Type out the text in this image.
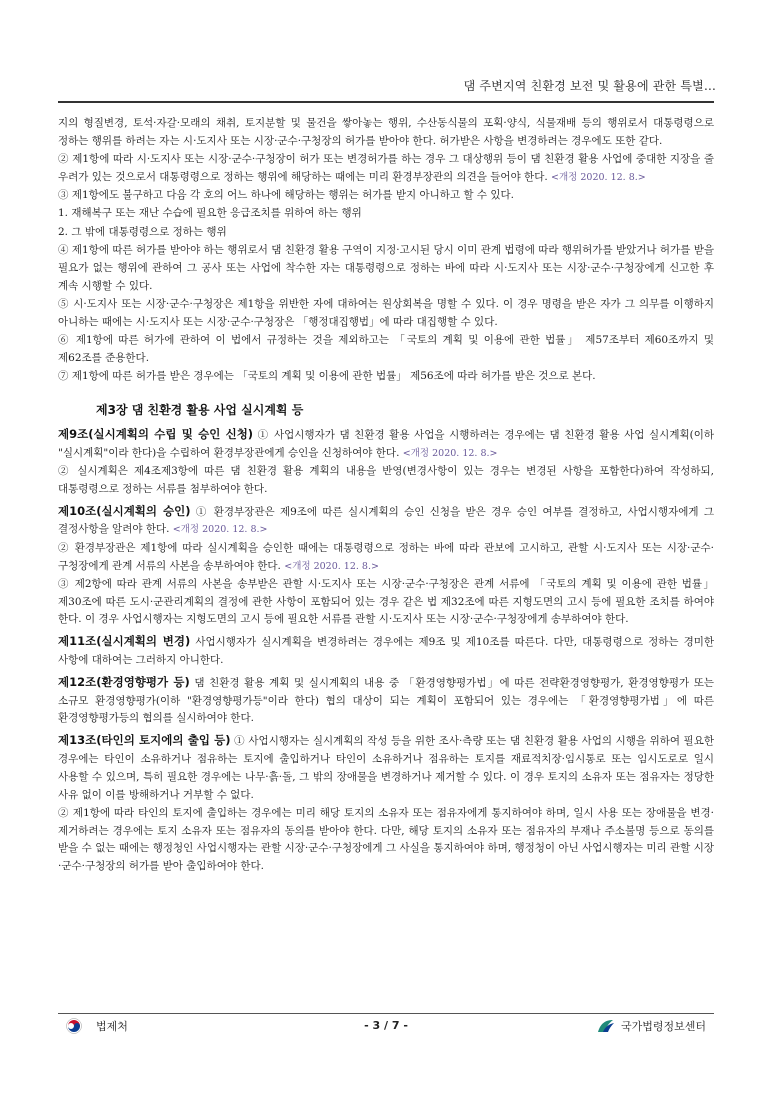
댐 주변지역 친환경 보전 및 활용에 관한 특별...

지의 형질변경, 토석·자갈·모래의 채취, 토지분할 및 물건을 쌓아놓는 행위, 수산동식물의 포획·양식, 식물재배 등의 행위로서 대통령령으로 정하는 행위를 하려는 자는 시·도지사 또는 시장·군수·구청장의 허가를 받아야 한다. 허가받은 사항을 변경하려는 경우에도 또한 같다.

② 제1항에 따라 시·도지사 또는 시장·군수·구청장이 허가 또는 변경허가를 하는 경우 그 대상행위 등이 댐 친환경 활용 사업에 중대한 지장을 줄 우려가 있는 것으로서 대통령령으로 정하는 행위에 해당하는 때에는 미리 환경부장관의 의견을 들어야 한다. <개정 2020. 12. 8.>

③ 제1항에도 불구하고 다음 각 호의 어느 하나에 해당하는 행위는 허가를 받지 아니하고 할 수 있다.

1. 재해복구 또는 재난 수습에 필요한 응급조치를 위하여 하는 행위

2. 그 밖에 대통령령으로 정하는 행위

④ 제1항에 따른 허가를 받아야 하는 행위로서 댐 친환경 활용 구역이 지정·고시된 당시 이미 관계 법령에 따라 행위허가를 받았거나 허가를 받을 필요가 없는 행위에 관하여 그 공사 또는 사업에 착수한 자는 대통령령으로 정하는 바에 따라 시·도지사 또는 시장·군수·구청장에게 신고한 후 계속 시행할 수 있다.

⑤ 시·도지사 또는 시장·군수·구청장은 제1항을 위반한 자에 대하여는 원상회복을 명할 수 있다. 이 경우 명령을 받은 자가 그 의무를 이행하지 아니하는 때에는 시·도지사 또는 시장·군수·구청장은 「행정대집행법」에 따라 대집행할 수 있다.

⑥ 제1항에 따른 허가에 관하여 이 법에서 규정하는 것을 제외하고는 「국토의 계획 및 이용에 관한 법률」 제57조부터 제60조까지 및 제62조를 준용한다.

⑦ 제1항에 따른 허가를 받은 경우에는 「국토의 계획 및 이용에 관한 법률」 제56조에 따라 허가를 받은 것으로 본다.

제3장 댐 친환경 활용 사업 실시계획 등

제9조(실시계획의 수립 및 승인 신청) ① 사업시행자가 댐 친환경 활용 사업을 시행하려는 경우에는 댐 친환경 활용 사업 실시계획(이하 "실시계획"이라 한다)을 수립하여 환경부장관에게 승인을 신청하여야 한다. <개정 2020. 12. 8.>

② 실시계획은 제4조제3항에 따른 댐 친환경 활용 계획의 내용을 반영(변경사항이 있는 경우는 변경된 사항을 포함한다)하여 작성하되, 대통령령으로 정하는 서류를 첨부하여야 한다.

제10조(실시계획의 승인) ① 환경부장관은 제9조에 따른 실시계획의 승인 신청을 받은 경우 승인 여부를 결정하고, 사업시행자에게 그 결정사항을 알려야 한다. <개정 2020. 12. 8.>

② 환경부장관은 제1항에 따라 실시계획을 승인한 때에는 대통령령으로 정하는 바에 따라 관보에 고시하고, 관할 시·도지사 또는 시장·군수·구청장에게 관계 서류의 사본을 송부하여야 한다. <개정 2020. 12. 8.>

③ 제2항에 따라 관계 서류의 사본을 송부받은 관할 시·도지사 또는 시장·군수·구청장은 관계 서류에 「국토의 계획 및 이용에 관한 법률」 제30조에 따른 도시·군관리계획의 결정에 관한 사항이 포함되어 있는 경우 같은 법 제32조에 따른 지형도면의 고시 등에 필요한 조치를 하여야 한다. 이 경우 사업시행자는 지형도면의 고시 등에 필요한 서류를 관할 시·도지사 또는 시장·군수·구청장에게 송부하여야 한다.

제11조(실시계획의 변경) 사업시행자가 실시계획을 변경하려는 경우에는 제9조 및 제10조를 따른다. 다만, 대통령령으로 정하는 경미한 사항에 대하여는 그러하지 아니한다.

제12조(환경영향평가 등) 댐 친환경 활용 계획 및 실시계획의 내용 중 「환경영향평가법」에 따른 전략환경영향평가, 환경영향평가 또는 소규모 환경영향평가(이하 "환경영향평가등"이라 한다) 협의 대상이 되는 계획이 포함되어 있는 경우에는 「환경영향평가법」에 따른 환경영향평가등의 협의를 실시하여야 한다.

제13조(타인의 토지에의 출입 등) ① 사업시행자는 실시계획의 작성 등을 위한 조사·측량 또는 댐 친환경 활용 사업의 시행을 위하여 필요한 경우에는 타인이 소유하거나 점유하는 토지에 출입하거나 타인이 소유하거나 점유하는 토지를 재료적치장·임시통로 또는 임시도로로 일시 사용할 수 있으며, 특히 필요한 경우에는 나무·흙·돌, 그 밖의 장애물을 변경하거나 제거할 수 있다. 이 경우 토지의 소유자 또는 점유자는 정당한 사유 없이 이를 방해하거나 거부할 수 없다.

② 제1항에 따라 타인의 토지에 출입하는 경우에는 미리 해당 토지의 소유자 또는 점유자에게 통지하여야 하며, 일시 사용 또는 장애물을 변경·제거하려는 경우에는 토지 소유자 또는 점유자의 동의를 받아야 한다. 다만, 해당 토지의 소유자 또는 점유자의 부재나 주소불명 등으로 동의를 받을 수 없는 때에는 행정청인 사업시행자는 관할 시장·군수·구청장에게 그 사실을 통지하여야 하며, 행정청이 아닌 사업시행자는 미리 관할 시장·군수·구청장의 허가를 받아 출입하여야 한다.

법제처	- 3 / 7 -	국가법령정보센터
